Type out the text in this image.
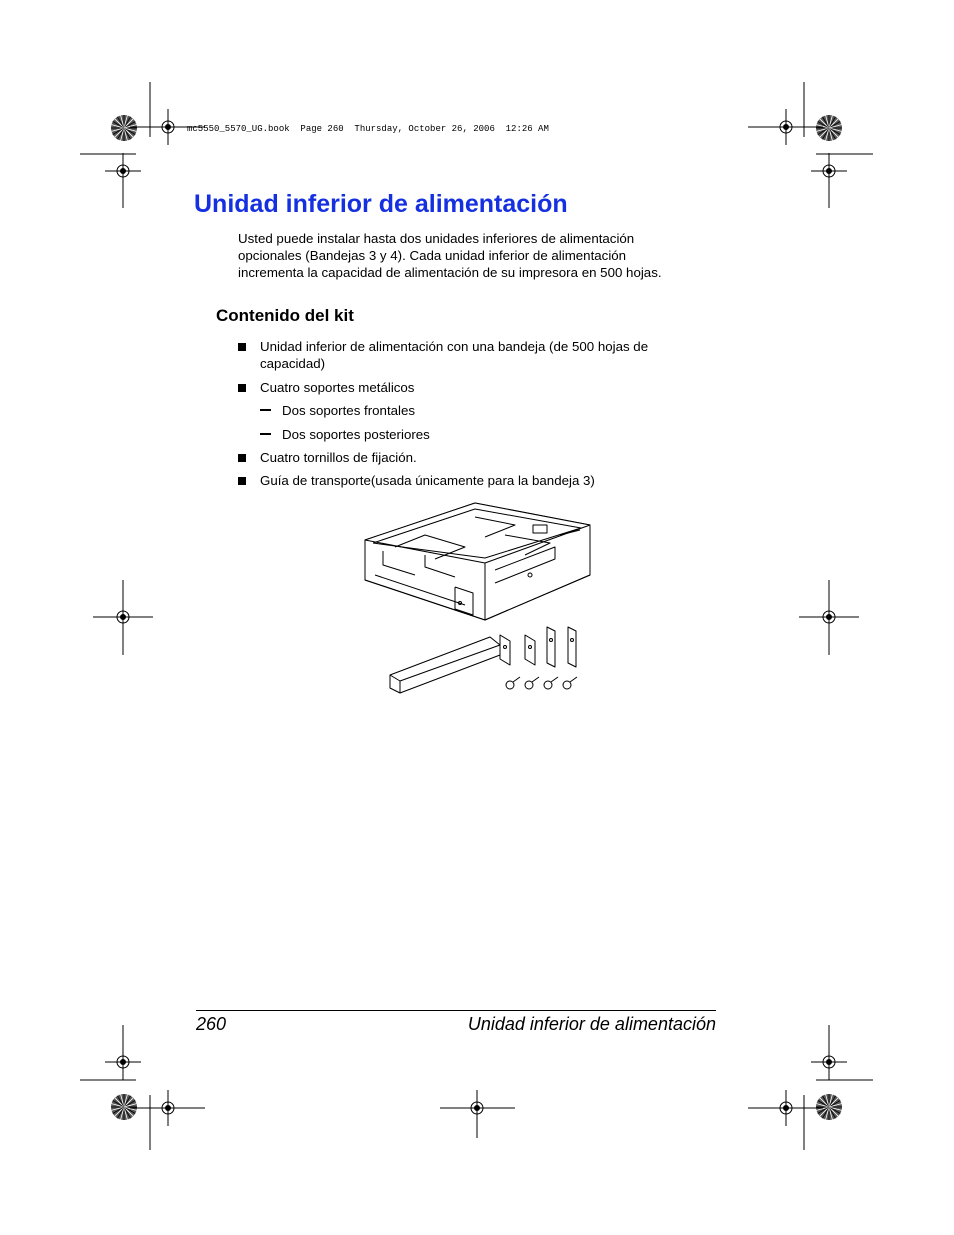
mc5550_5570_UG.book  Page 260  Thursday, October 26, 2006  12:26 AM
Unidad inferior de alimentación
Usted puede instalar hasta dos unidades inferiores de alimentación
opcionales (Bandejas 3 y 4). Cada unidad inferior de alimentación
incrementa la capacidad de alimentación de su impresora en 500 hojas.
Contenido del kit
Unidad inferior de alimentación con una bandeja (de 500 hojas de
capacidad)
Cuatro soportes metálicos
Dos soportes frontales
Dos soportes posteriores
Cuatro tornillos de fijación.
Guía de transporte(usada únicamente para la bandeja 3)
260	Unidad inferior de alimentación
